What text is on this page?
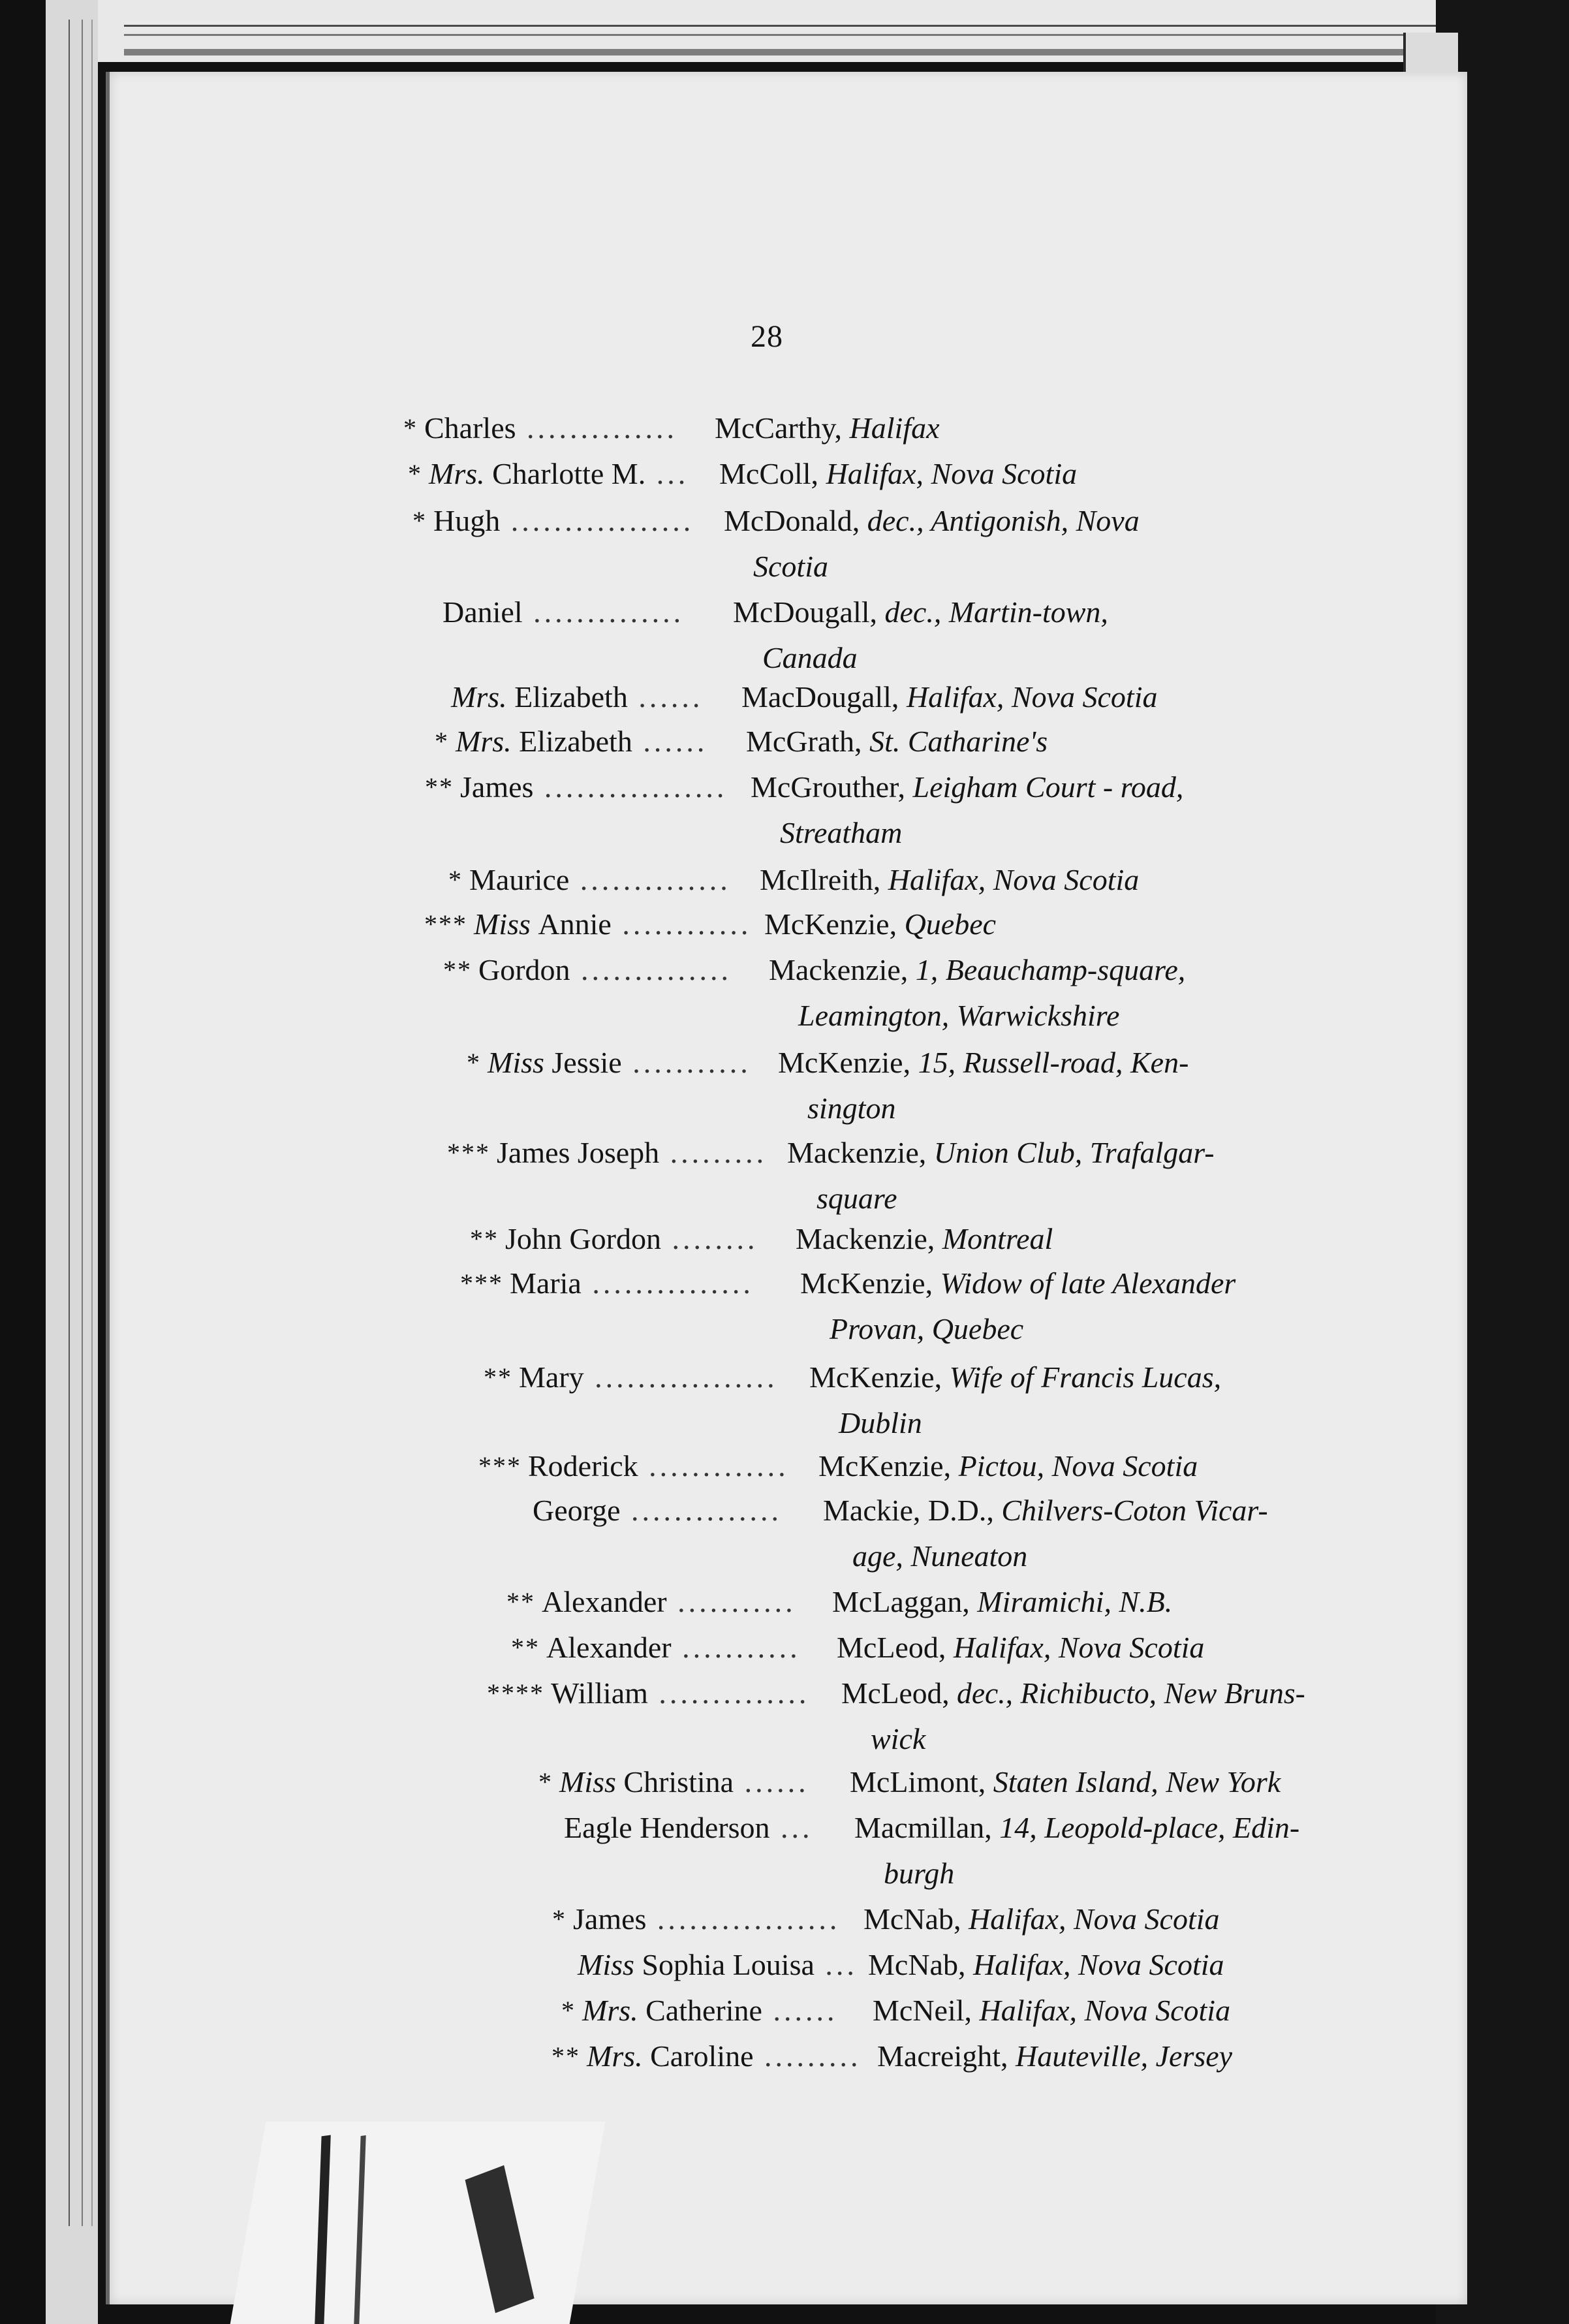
28
* Charles .............. McCarthy, Halifax
* Mrs. Charlotte M. ... McColl, Halifax, Nova Scotia
* Hugh ................. McDonald, dec., Antigonish, Nova
Scotia
Daniel .............. McDougall, dec., Martin-town,
Canada
Mrs. Elizabeth ...... MacDougall, Halifax, Nova Scotia
* Mrs. Elizabeth ...... McGrath, St. Catharine's
** James ................. McGrouther, Leigham Court - road,
Streatham
* Maurice .............. McIlreith, Halifax, Nova Scotia
*** Miss Annie ............ McKenzie, Quebec
** Gordon .............. Mackenzie, 1, Beauchamp-square,
Leamington, Warwickshire
* Miss Jessie ........... McKenzie, 15, Russell-road, Ken-
sington
*** James Joseph ......... Mackenzie, Union Club, Trafalgar-
square
** John Gordon ........ Mackenzie, Montreal
*** Maria ............... McKenzie, Widow of late Alexander
Provan, Quebec
** Mary ................. McKenzie, Wife of Francis Lucas,
Dublin
*** Roderick ............. McKenzie, Pictou, Nova Scotia
George .............. Mackie, D.D., Chilvers-Coton Vicar-
age, Nuneaton
** Alexander ........... McLaggan, Miramichi, N.B.
** Alexander ........... McLeod, Halifax, Nova Scotia
**** William .............. McLeod, dec., Richibucto, New Bruns-
wick
* Miss Christina ...... McLimont, Staten Island, New York
Eagle Henderson ... Macmillan, 14, Leopold-place, Edin-
burgh
* James ................. McNab, Halifax, Nova Scotia
Miss Sophia Louisa ... McNab, Halifax, Nova Scotia
* Mrs. Catherine ...... McNeil, Halifax, Nova Scotia
** Mrs. Caroline ......... Macreight, Hauteville, Jersey
